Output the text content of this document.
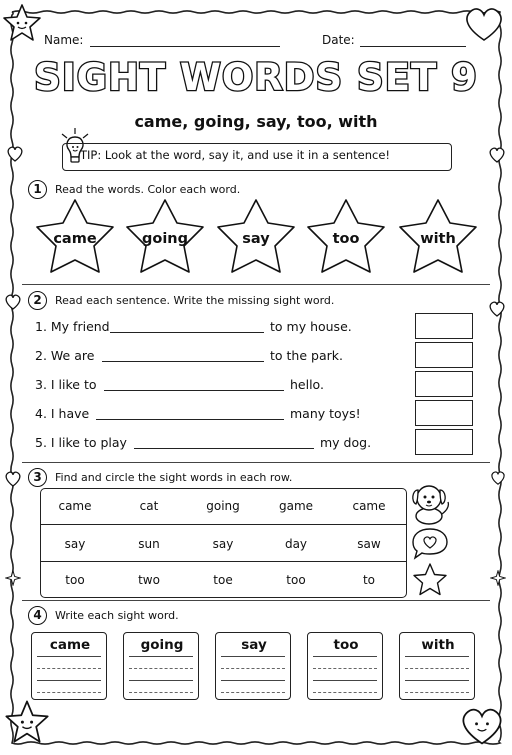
Name:	Date:
SIGHT WORDS SET 9
came, going, say, too, with
TIP: Look at the word, say it, and use it in a sentence!
1	Read the words. Color each word.
came	going	say	too	with
2	Read each sentence. Write the missing sight word.
1. My friend	to my house.
2. We are	to the park.
3. I like to	hello.
4. I have	many toys!
5. I like to play	my dog.
3	Find and circle the sight words in each row.
came	cat	going	game	came
say	sun	say	day	saw
too	two	toe	too	to
4	Write each sight word.
came	going	say	too	with
